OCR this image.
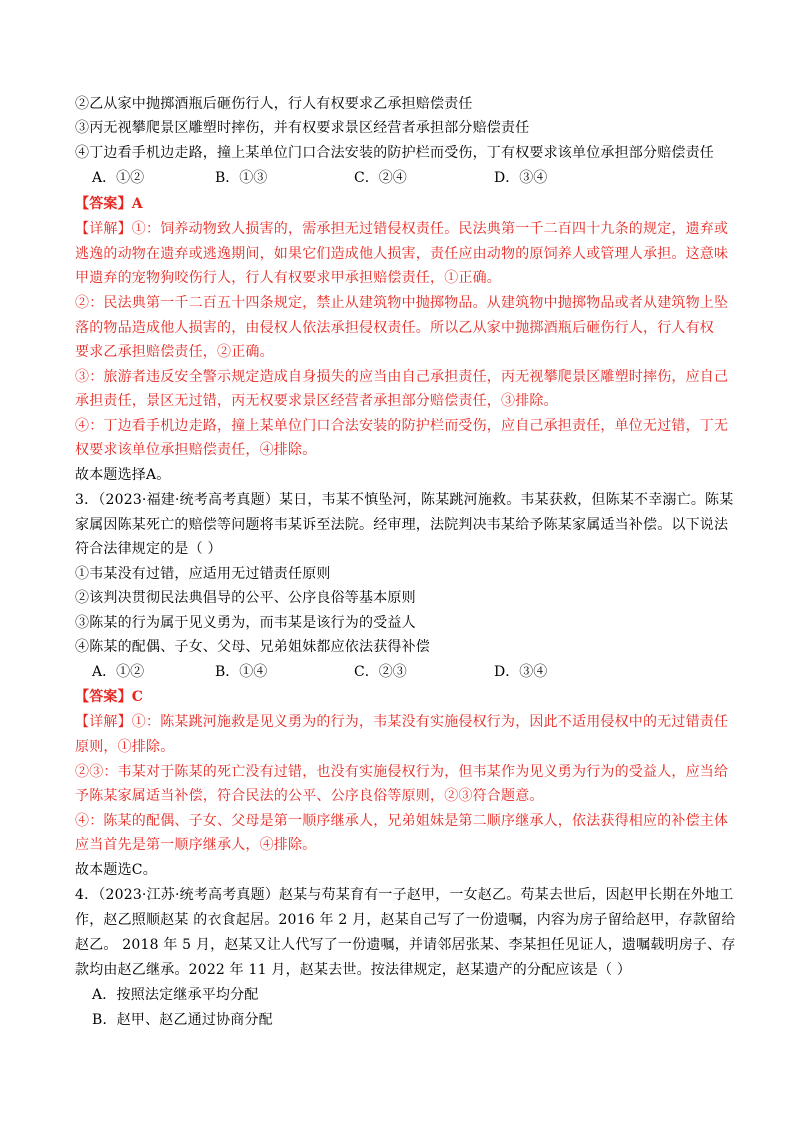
②乙从家中抛掷酒瓶后砸伤行人，行人有权要求乙承担赔偿责任
③丙无视攀爬景区雕塑时摔伤，并有权要求景区经营者承担部分赔偿责任
④丁边看手机边走路，撞上某单位门口合法安装的防护栏而受伤，丁有权要求该单位承担部分赔偿责任
A．①②	B．①③	C．②④	D．③④
【答案】A
【详解】①：饲养动物致人损害的，需承担无过错侵权责任。民法典第一千二百四十九条的规定，遗弃或
逃逸的动物在遗弃或逃逸期间，如果它们造成他人损害，责任应由动物的原饲养人或管理人承担。这意味
甲遗弃的宠物狗咬伤行人，行人有权要求甲承担赔偿责任，①正确。
②：民法典第一千二百五十四条规定，禁止从建筑物中抛掷物品。从建筑物中抛掷物品或者从建筑物上坠
落的物品造成他人损害的，由侵权人依法承担侵权责任。所以乙从家中抛掷酒瓶后砸伤行人，行人有权
要求乙承担赔偿责任，②正确。
③：旅游者违反安全警示规定造成自身损失的应当由自己承担责任，丙无视攀爬景区雕塑时摔伤，应自己
承担责任，景区无过错，丙无权要求景区经营者承担部分赔偿责任，③排除。
④：丁边看手机边走路，撞上某单位门口合法安装的防护栏而受伤，应自己承担责任，单位无过错，丁无
权要求该单位承担赔偿责任，④排除。
故本题选择A。
3．（2023·福建·统考高考真题）某日，韦某不慎坠河，陈某跳河施救。韦某获救，但陈某不幸溺亡。陈某
家属因陈某死亡的赔偿等问题将韦某诉至法院。经审理，法院判决韦某给予陈某家属适当补偿。以下说法
符合法律规定的是（ ）
①韦某没有过错，应适用无过错责任原则
②该判决贯彻民法典倡导的公平、公序良俗等基本原则
③陈某的行为属于见义勇为，而韦某是该行为的受益人
④陈某的配偶、子女、父母、兄弟姐妹都应依法获得补偿
A．①②	B．①④	C．②③	D．③④
【答案】C
【详解】①：陈某跳河施救是见义勇为的行为，韦某没有实施侵权行为，因此不适用侵权中的无过错责任
原则，①排除。
②③：韦某对于陈某的死亡没有过错，也没有实施侵权行为，但韦某作为见义勇为行为的受益人，应当给
予陈某家属适当补偿，符合民法的公平、公序良俗等原则，②③符合题意。
④：陈某的配偶、子女、父母是第一顺序继承人，兄弟姐妹是第二顺序继承人，依法获得相应的补偿主体
应当首先是第一顺序继承人，④排除。
故本题选C。
4．（2023·江苏·统考高考真题）赵某与苟某育有一子赵甲，一女赵乙。苟某去世后，因赵甲长期在外地工
作，赵乙照顺赵某 的衣食起居。2016 年 2 月，赵某自己写了一份遗嘱，内容为房子留给赵甲，存款留给
赵乙。 2018 年 5 月，赵某又让人代写了一份遗嘱，并请邻居张某、李某担任见证人，遗嘱载明房子、存
款均由赵乙继承。2022 年 11 月，赵某去世。按法律规定，赵某遗产的分配应该是（ ）
A．按照法定继承平均分配
B．赵甲、赵乙通过协商分配
